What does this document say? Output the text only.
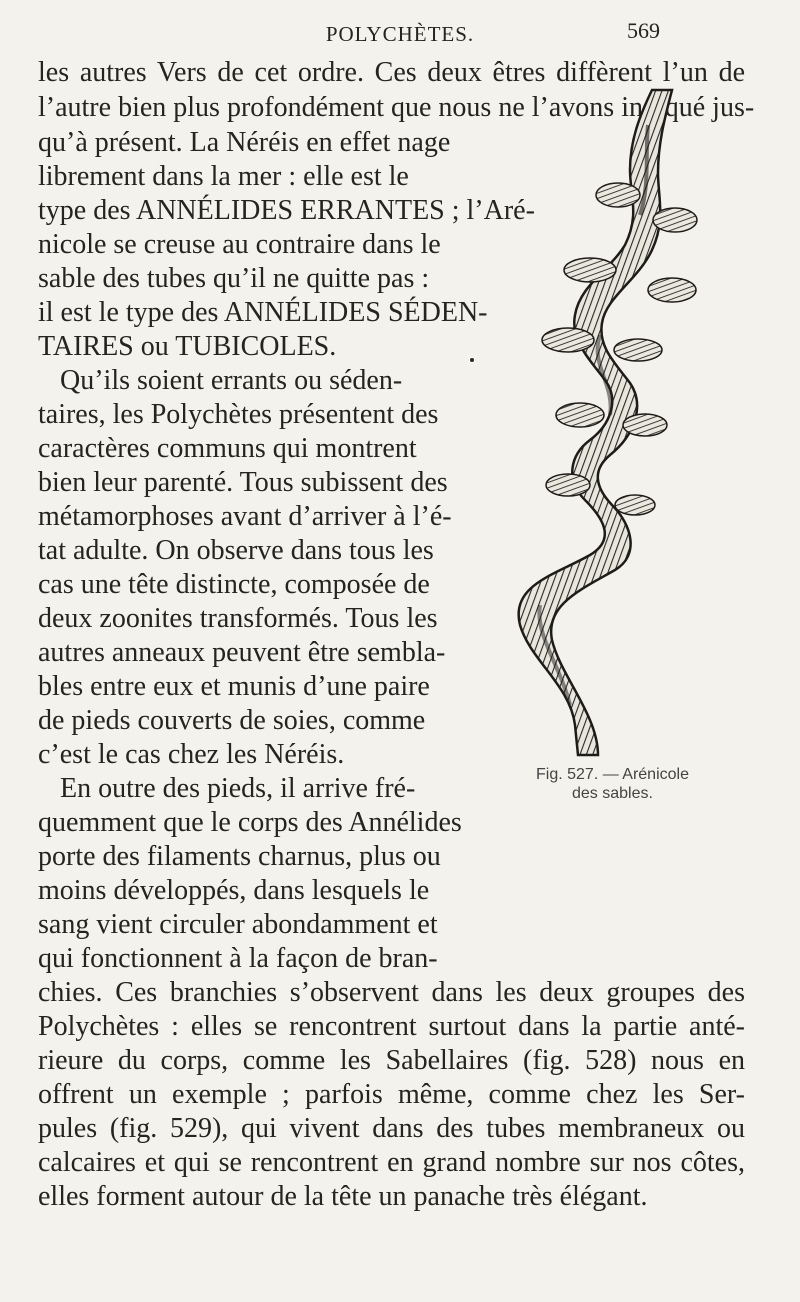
POLYCHÈTES.	569
les autres Vers de cet ordre. Ces deux êtres diffèrent l’un de
l’autre bien plus profondément que nous ne l’avons indiqué jus-
qu’à présent. La Néréis en effet nage
librement dans la mer : elle est le
type des ANNÉLIDES ERRANTES ; l’Aré-
nicole se creuse au contraire dans le
sable des tubes qu’il ne quitte pas :
il est le type des ANNÉLIDES SÉDEN-
TAIRES ou TUBICOLES.
Qu’ils soient errants ou séden-
taires, les Polychètes présentent des
caractères communs qui montrent
bien leur parenté. Tous subissent des
métamorphoses avant d’arriver à l’é-
tat adulte. On observe dans tous les
cas une tête distincte, composée de
deux zoonites transformés. Tous les
autres anneaux peuvent être sembla-
bles entre eux et munis d’une paire
de pieds couverts de soies, comme
c’est le cas chez les Néréis.
En outre des pieds, il arrive fré-
quemment que le corps des Annélides
porte des filaments charnus, plus ou
moins développés, dans lesquels le
sang vient circuler abondamment et
qui fonctionnent à la façon de bran-
chies. Ces branchies s’observent dans les deux groupes des
Polychètes : elles se rencontrent surtout dans la partie anté-
rieure du corps, comme les Sabellaires (fig. 528) nous en
offrent un exemple ; parfois même, comme chez les Ser-
pules (fig. 529), qui vivent dans des tubes membraneux ou
calcaires et qui se rencontrent en grand nombre sur nos côtes,
elles forment autour de la tête un panache très élégant.
Fig. 527. — Arénicole
des sables.
